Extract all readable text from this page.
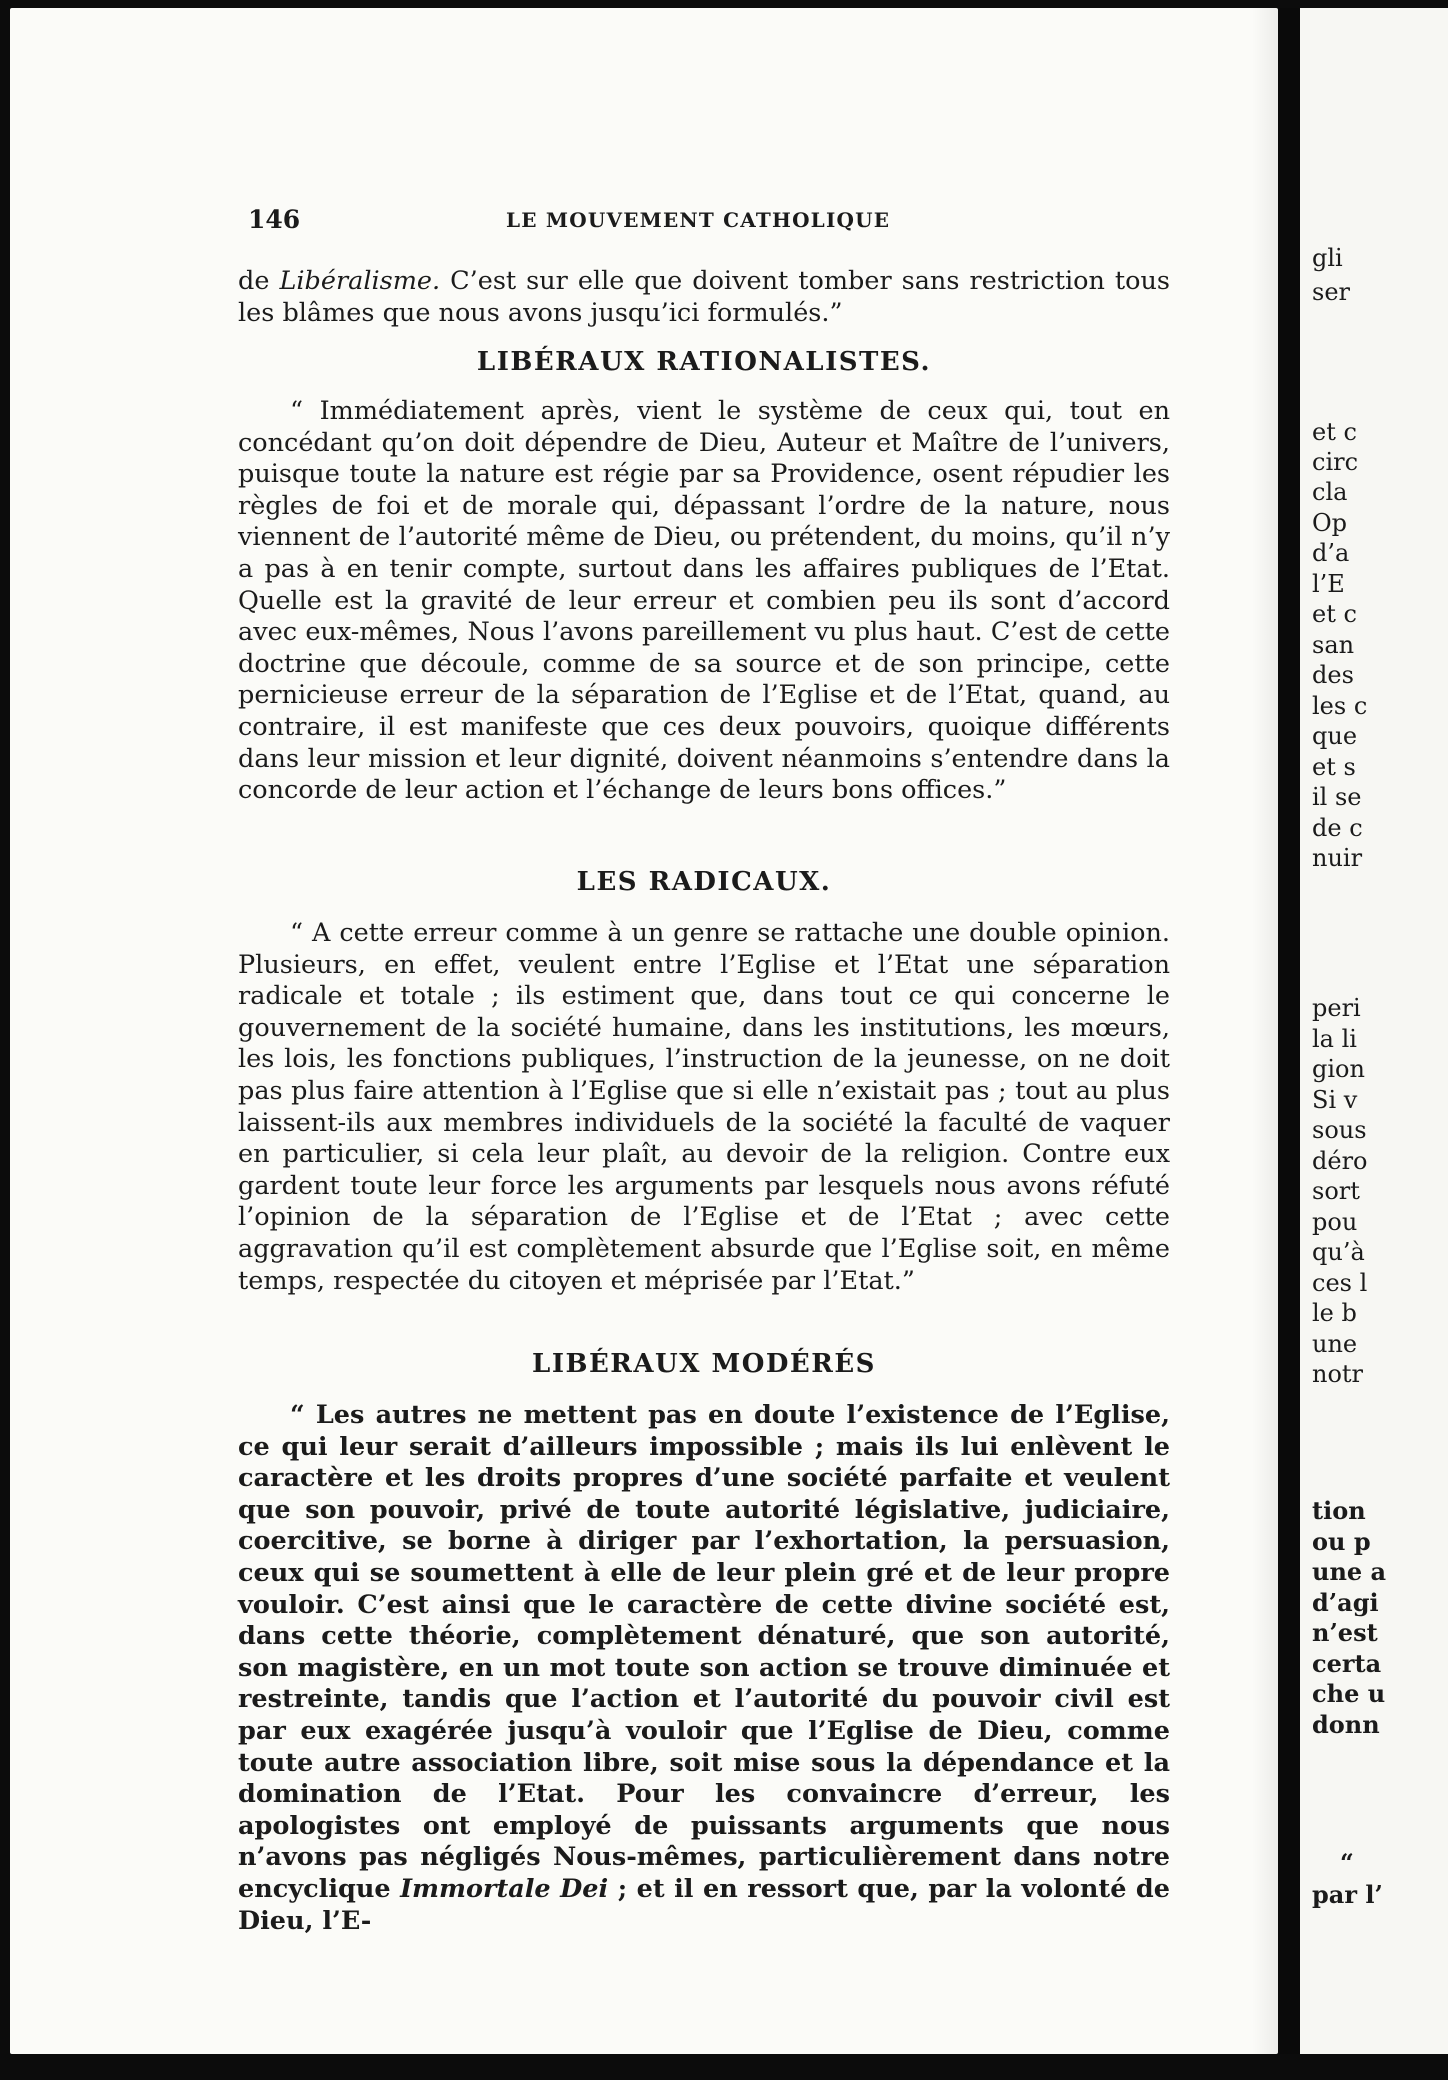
gli
ser
et c
circ
cla
Op
d’a
l’E
et c
san
des
les c
que
et s
il se
de c
nuir
peri
la li
gion
Si v
sous
déro
sort
pou
qu’à
ces l
le b
une
notr
tion
ou p
une a
d’agi
n’est
certa
che u
donn
“
par l’
146	LE MOUVEMENT CATHOLIQUE

de Libéralisme. C’est sur elle que doivent tomber sans restriction tous les blâmes que nous avons jusqu’ici formulés.”

LIBÉRAUX RATIONALISTES.

“ Immédiatement après, vient le système de ceux qui, tout en concédant qu’on doit dépendre de Dieu, Auteur et Maître de l’univers, puisque toute la nature est régie par sa Providence, osent répudier les règles de foi et de morale qui, dépassant l’ordre de la nature, nous viennent de l’autorité même de Dieu, ou prétendent, du moins, qu’il n’y a pas à en tenir compte, surtout dans les affaires publiques de l’Etat. Quelle est la gravité de leur erreur et combien peu ils sont d’accord avec eux-mêmes, Nous l’avons pareillement vu plus haut. C’est de cette doctrine que découle, comme de sa source et de son principe, cette pernicieuse erreur de la séparation de l’Eglise et de l’Etat, quand, au contraire, il est manifeste que ces deux pouvoirs, quoique différents dans leur mission et leur dignité, doivent néanmoins s’entendre dans la concorde de leur action et l’échange de leurs bons offices.”

LES RADICAUX.

“ A cette erreur comme à un genre se rattache une double opinion. Plusieurs, en effet, veulent entre l’Eglise et l’Etat une séparation radicale et totale ; ils estiment que, dans tout ce qui concerne le gouvernement de la société humaine, dans les institutions, les mœurs, les lois, les fonctions publiques, l’instruction de la jeunesse, on ne doit pas plus faire attention à l’Eglise que si elle n’existait pas ; tout au plus laissent-ils aux membres individuels de la société la faculté de vaquer en particulier, si cela leur plaît, au devoir de la religion. Contre eux gardent toute leur force les arguments par lesquels nous avons réfuté l’opinion de la séparation de l’Eglise et de l’Etat ; avec cette aggravation qu’il est complètement absurde que l’Eglise soit, en même temps, respectée du citoyen et méprisée par l’Etat.”

LIBÉRAUX MODÉRÉS

“ Les autres ne mettent pas en doute l’existence de l’Eglise, ce qui leur serait d’ailleurs impossible ; mais ils lui enlèvent le caractère et les droits propres d’une société parfaite et veulent que son pouvoir, privé de toute autorité législative, judiciaire, coercitive, se borne à diriger par l’exhortation, la persuasion, ceux qui se soumettent à elle de leur plein gré et de leur propre vouloir. C’est ainsi que le caractère de cette divine société est, dans cette théorie, complètement dénaturé, que son autorité, son magistère, en un mot toute son action se trouve diminuée et restreinte, tandis que l’action et l’autorité du pouvoir civil est par eux exagérée jusqu’à vouloir que l’Eglise de Dieu, comme toute autre association libre, soit mise sous la dépendance et la domination de l’Etat. Pour les convaincre d’erreur, les apologistes ont employé de puissants arguments que nous n’avons pas négligés Nous-mêmes, particulièrement dans notre encyclique Immortale Dei ; et il en ressort que, par la volonté de Dieu, l’E-
